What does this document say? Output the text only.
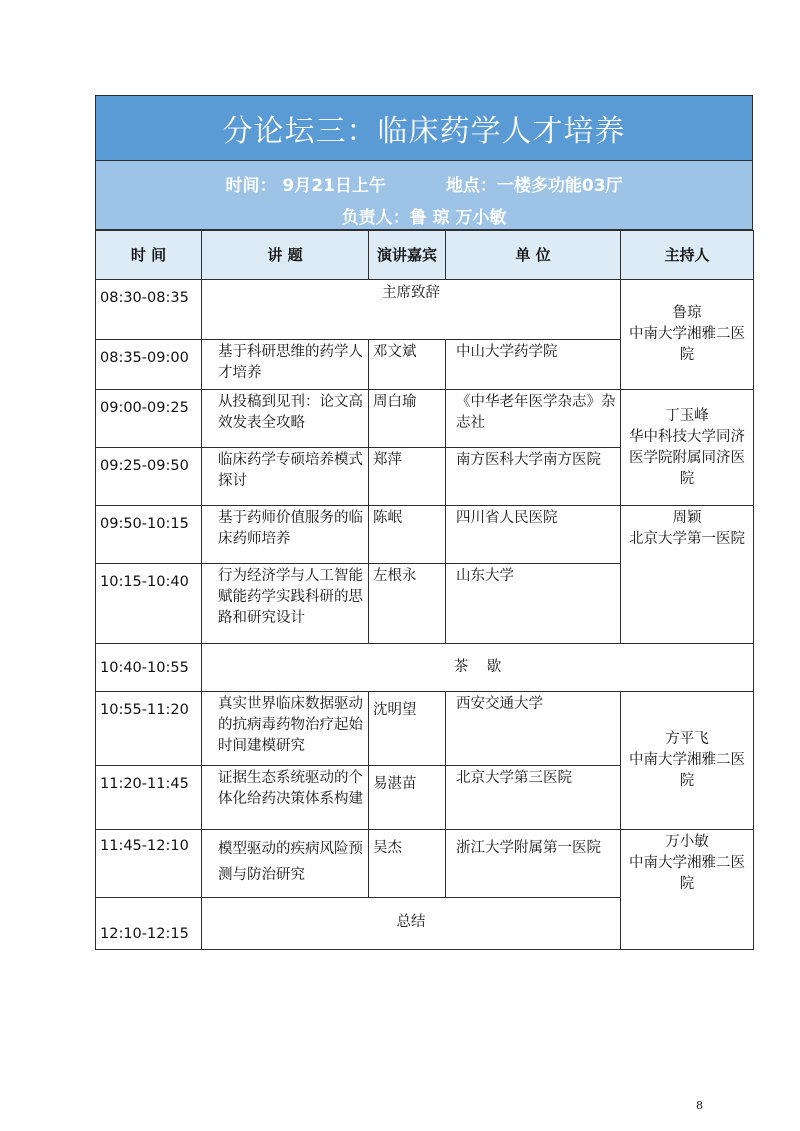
分论坛三：临床药学人才培养
时间： 9月21日上午	地点：一楼多功能03厅
负责人：鲁 琼 万小敏
时 间	讲 题	演讲嘉宾	单 位	主持人
08:30-08:35	主席致辞			鲁琼
中南大学湘雅二医院

08:35-09:00	基于科研思维的药学人才培养	邓文斌	中山大学药学院	
09:00-09:25	从投稿到见刊：论文高效发表全攻略	周白瑜	《中华老年医学杂志》杂志社	丁玉峰
华中科技大学同济医学院附属同济医院

09:25-09:50	临床药学专硕培养模式探讨	郑萍	南方医科大学南方医院	
09:50-10:15	基于药师价值服务的临床药师培养	陈岷	四川省人民医院	周颖
北京大学第一医院

10:15-10:40	行为经济学与人工智能赋能药学实践科研的思路和研究设计	左根永	山东大学	
10:40-10:55	茶    歇			
10:55-11:20	真实世界临床数据驱动的抗病毒药物治疗起始时间建模研究	沈明望	西安交通大学	方平飞
中南大学湘雅二医院

11:20-11:45	证据生态系统驱动的个体化给药决策体系构建	易湛苗	北京大学第三医院	
11:45-12:10	模型驱动的疾病风险预测与防治研究	吴杰	浙江大学附属第一医院	万小敏
中南大学湘雅二医院

12:10-12:15	总结			
8
